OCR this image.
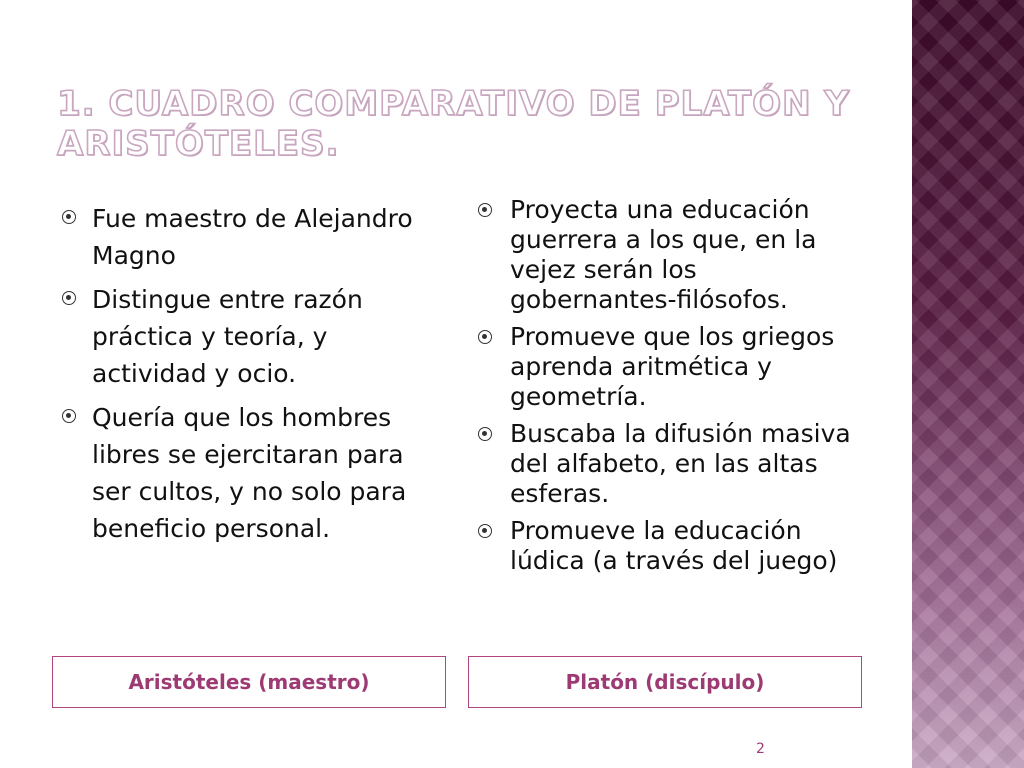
1. CUADRO COMPARATIVO DE PLATÓN Y ARISTÓTELES.
Fue maestro de Alejandro Magno
Distingue entre razón práctica y teoría, y actividad y ocio.
Quería que los hombres libres se ejercitaran para ser cultos, y no solo para beneficio personal.
Proyecta una educación guerrera a los que, en la vejez serán los gobernantes-filósofos.
Promueve que los griegos aprenda aritmética y geometría.
Buscaba la difusión masiva del alfabeto, en las altas esferas.
Promueve la educación lúdica (a través del juego)
Aristóteles (maestro)	Platón (discípulo)
2
